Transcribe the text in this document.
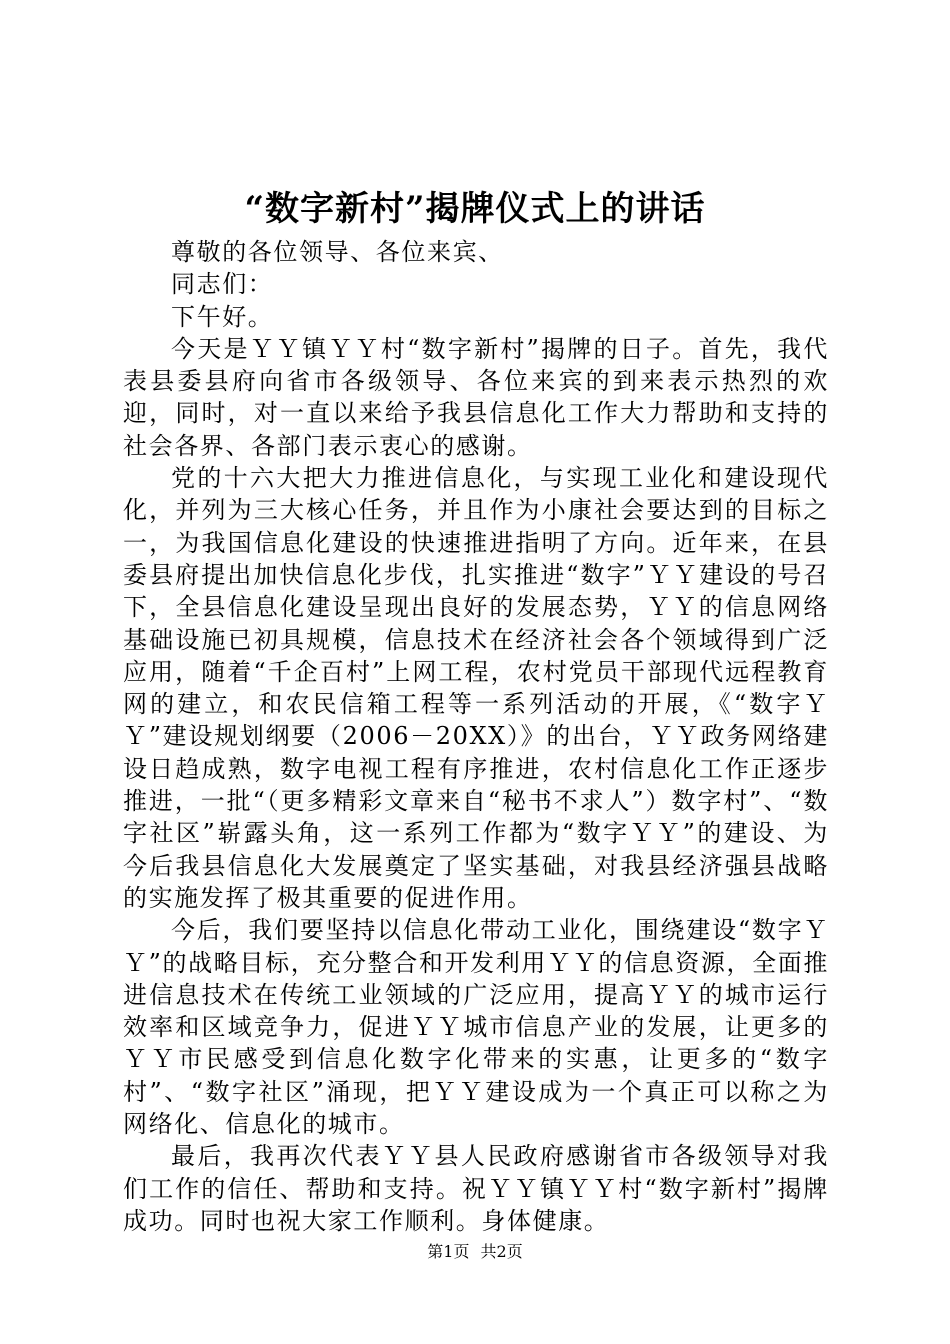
“数字新村”揭牌仪式上的讲话

尊敬的各位领导、各位来宾、

同志们：

下午好。

今天是ＹＹ镇ＹＹ村“数字新村”揭牌的日子。首先，我代表县委县府向省市各级领导、各位来宾的到来表示热烈的欢迎，同时，对一直以来给予我县信息化工作大力帮助和支持的社会各界、各部门表示衷心的感谢。

党的十六大把大力推进信息化，与实现工业化和建设现代化，并列为三大核心任务，并且作为小康社会要达到的目标之一，为我国信息化建设的快速推进指明了方向。近年来，在县委县府提出加快信息化步伐，扎实推进“数字”ＹＹ建设的号召下，全县信息化建设呈现出良好的发展态势，ＹＹ的信息网络基础设施已初具规模，信息技术在经济社会各个领域得到广泛应用，随着“千企百村”上网工程，农村党员干部现代远程教育网的建立，和农民信箱工程等一系列活动的开展，《“数字ＹＹ”建设规划纲要（2006－20XX）》的出台，ＹＹ政务网络建设日趋成熟，数字电视工程有序推进，农村信息化工作正逐步推进，一批“（更多精彩文章来自“秘书不求人”）数字村”、“数字社区”崭露头角，这一系列工作都为“数字ＹＹ”的建设、为今后我县信息化大发展奠定了坚实基础，对我县经济强县战略的实施发挥了极其重要的促进作用。

今后，我们要坚持以信息化带动工业化，围绕建设“数字ＹＹ”的战略目标，充分整合和开发利用ＹＹ的信息资源，全面推进信息技术在传统工业领域的广泛应用，提高ＹＹ的城市运行效率和区域竞争力，促进ＹＹ城市信息产业的发展，让更多的ＹＹ市民感受到信息化数字化带来的实惠，让更多的“数字村”、“数字社区”涌现，把ＹＹ建设成为一个真正可以称之为网络化、信息化的城市。

最后，我再次代表ＹＹ县人民政府感谢省市各级领导对我们工作的信任、帮助和支持。祝ＹＹ镇ＹＹ村“数字新村”揭牌成功。同时也祝大家工作顺利。身体健康。

第1页 共2页
